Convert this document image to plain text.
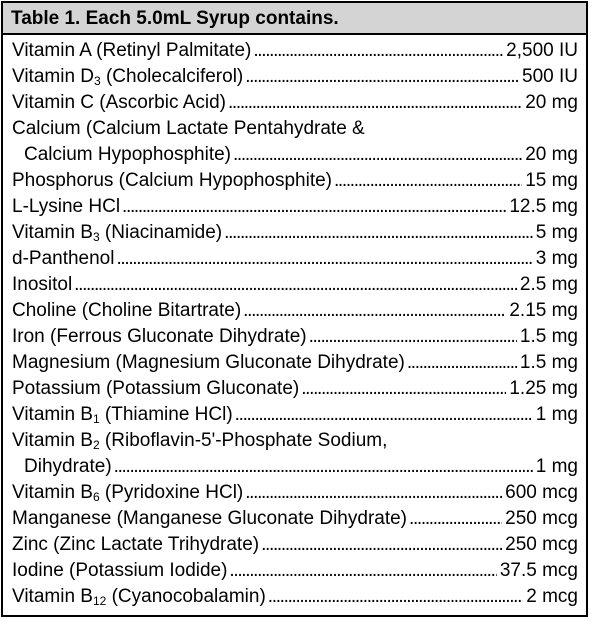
Table 1. Each 5.0mL Syrup contains.
Vitamin A (Retinyl Palmitate) . . .	2,500 IU
Vitamin $D_3$ (Cholecalciferol) . . .	500 IU
Vitamin C (Ascorbic Acid) . . .	20 mg
Calcium (Calcium Lactate Pentahydrate &
Calcium Hypophosphite) . . .	20 mg
Phosphorus (Calcium Hypophosphite) . . .	15 mg
L-Lysine HCl . . .	12.5 mg
Vitamin $B_3$ (Niacinamide) . . .	5 mg
d-Panthenol . . .	3 mg
Inositol . . .	2.5 mg
Choline (Choline Bitartrate) . . .	2.15 mg
Iron (Ferrous Gluconate Dihydrate) . . .	1.5 mg
Magnesium (Magnesium Gluconate Dihydrate) . . .	1.5 mg
Potassium (Potassium Gluconate) . . .	1.25 mg
Vitamin $B_1$ (Thiamine HCl) . . .	1 mg
Vitamin $B_2$ (Riboflavin-5'-Phosphate Sodium,
Dihydrate) . . .	1 mg
Vitamin $B_6$ (Pyridoxine HCl) . . .	600 mcg
Manganese (Manganese Gluconate Dihydrate) . . .	250 mcg
Zinc (Zinc Lactate Trihydrate) . . .	250 mcg
Iodine (Potassium Iodide) . . .	37.5 mcg
Vitamin $B_{12}$ (Cyanocobalamin) . . .	2 mcg
